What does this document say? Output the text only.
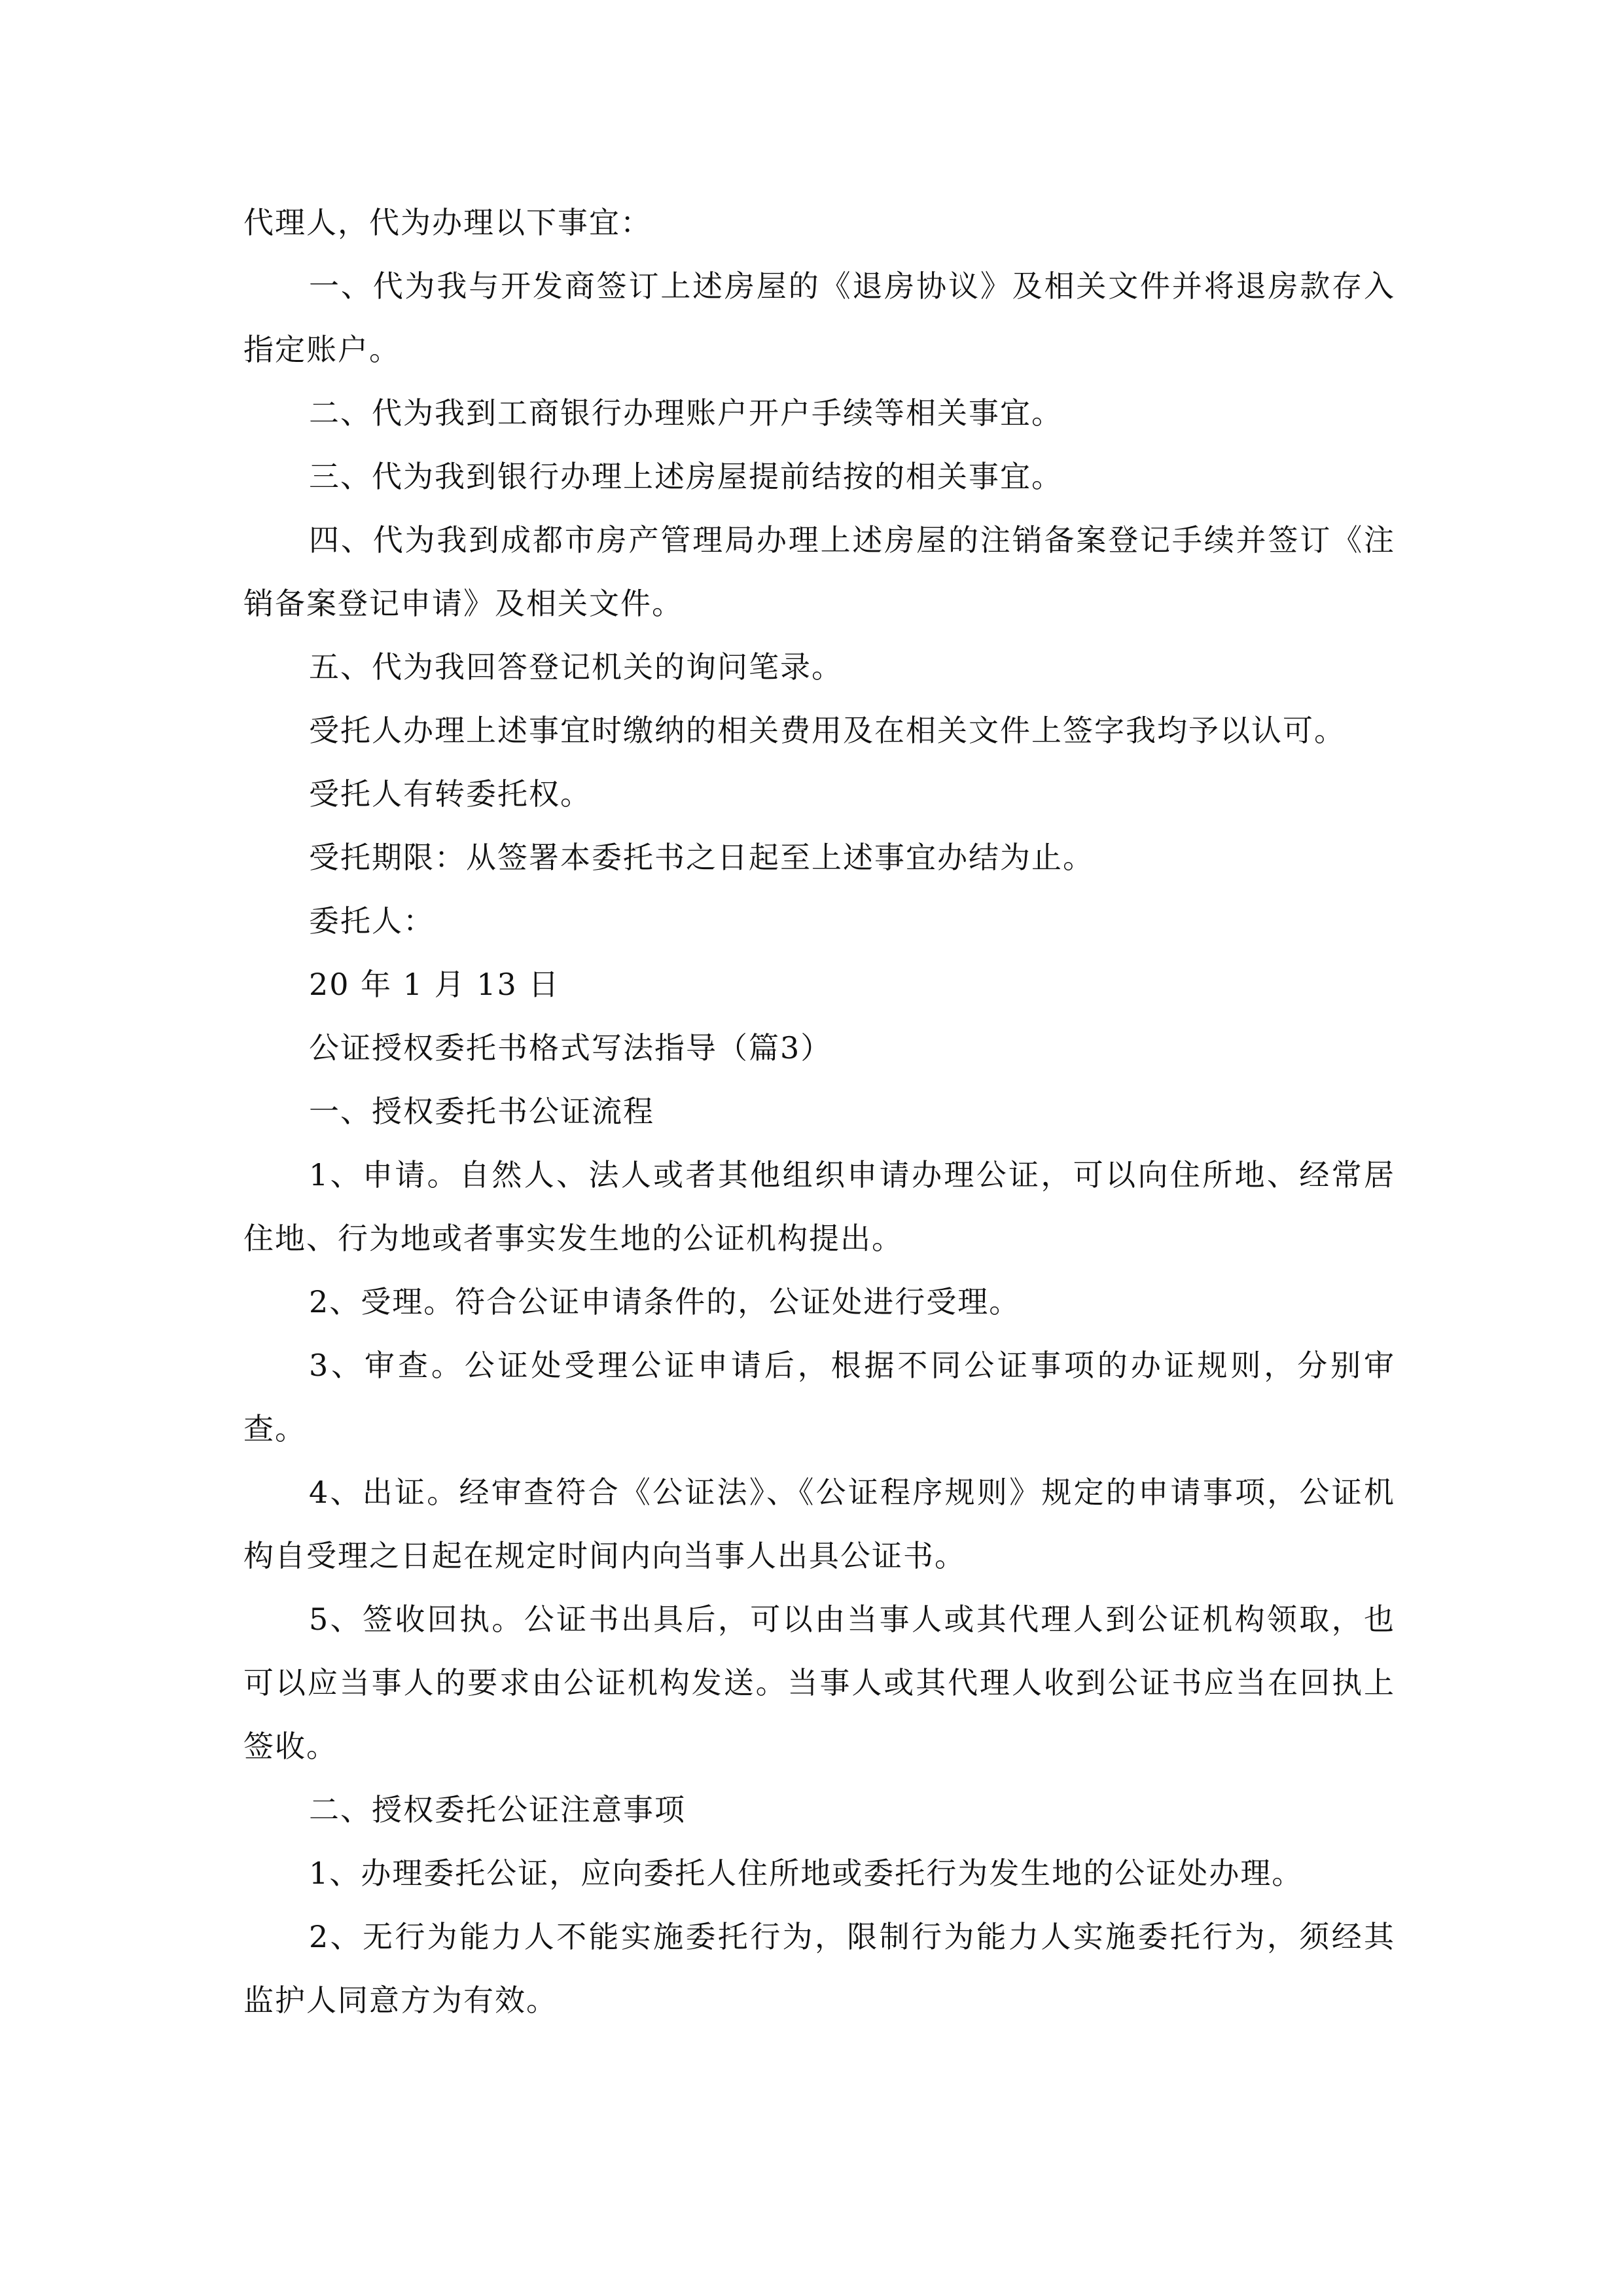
代理人，代为办理以下事宜：

一、代为我与开发商签订上述房屋的《退房协议》及相关文件并将退房款存入指定账户。

二、代为我到工商银行办理账户开户手续等相关事宜。

三、代为我到银行办理上述房屋提前结按的相关事宜。

四、代为我到成都市房产管理局办理上述房屋的注销备案登记手续并签订《注销备案登记申请》及相关文件。

五、代为我回答登记机关的询问笔录。

受托人办理上述事宜时缴纳的相关费用及在相关文件上签字我均予以认可。

受托人有转委托权。

受托期限：从签署本委托书之日起至上述事宜办结为止。

委托人：

20 年 1 月 13 日

公证授权委托书格式写法指导（篇3）

一、授权委托书公证流程

1、申请。自然人、法人或者其他组织申请办理公证，可以向住所地、经常居住地、行为地或者事实发生地的公证机构提出。

2、受理。符合公证申请条件的，公证处进行受理。

3、审查。公证处受理公证申请后，根据不同公证事项的办证规则，分别审查。

4、出证。经审查符合《公证法》、《公证程序规则》规定的申请事项，公证机构自受理之日起在规定时间内向当事人出具公证书。

5、签收回执。公证书出具后，可以由当事人或其代理人到公证机构领取，也可以应当事人的要求由公证机构发送。当事人或其代理人收到公证书应当在回执上签收。

二、授权委托公证注意事项

1、办理委托公证，应向委托人住所地或委托行为发生地的公证处办理。

2、无行为能力人不能实施委托行为，限制行为能力人实施委托行为，须经其监护人同意方为有效。
